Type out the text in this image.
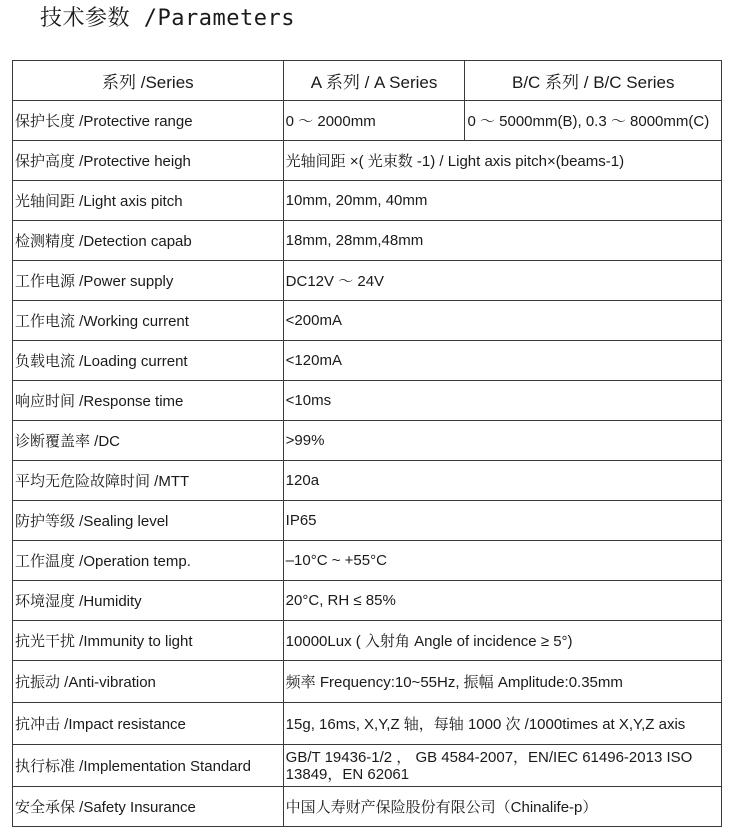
技术参数 /Parameters
系列 /Series	A 系列 / A Series	B/C 系列 / B/C Series
保护长度 /Protective range	0 ～ 2000mm	0 ～ 5000mm(B), 0.3 ～ 8000mm(C)
保护高度 /Protective heigh	光轴间距 ×( 光束数 -1) / Light axis pitch×(beams-1)	
光轴间距 /Light axis pitch	10mm, 20mm, 40mm	
检测精度 /Detection capab	18mm, 28mm,48mm	
工作电源 /Power supply	DC12V ～ 24V	
工作电流 /Working current	<200mA	
负载电流 /Loading current	<120mA	
响应时间 /Response time	<10ms	
诊断覆盖率 /DC	>99%	
平均无危险故障时间 /MTT	120a	
防护等级 /Sealing level	IP65	
工作温度 /Operation temp.	–10°C ~ +55°C	
环境湿度 /Humidity	20°C, RH ≤ 85%	
抗光干扰 /Immunity to light	10000Lux ( 入射角 Angle of incidence ≥ 5°)	
抗振动 /Anti-vibration	频率 Frequency:10~55Hz, 振幅 Amplitude:0.35mm	
抗冲击 /Impact resistance	15g, 16ms, X,Y,Z 轴，每轴 1000 次 /1000times at X,Y,Z axis	
执行标准 /Implementation Standard	GB/T 19436-1/2 ， GB 4584-2007，EN/IEC 61496-2013 ISO 13849，EN 62061	
安全承保 /Safety Insurance	中国人寿财产保险股份有限公司（Chinalife-p）	
